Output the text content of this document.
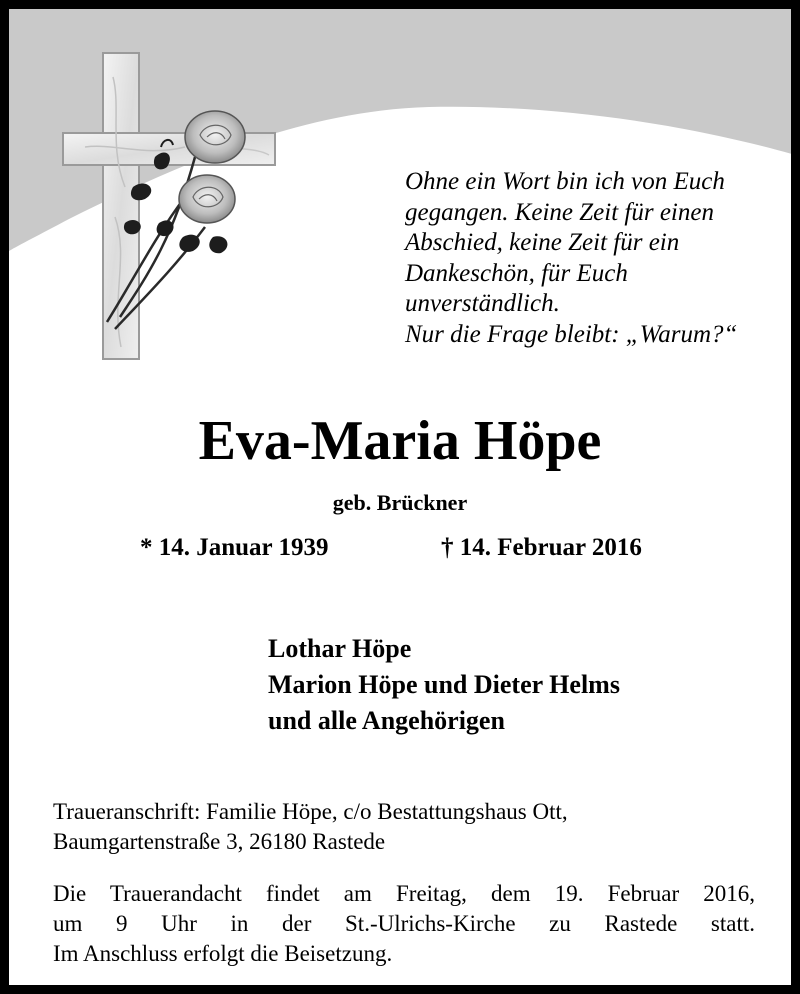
Ohne ein Wort bin ich von Euch
gegangen. Keine Zeit für einen
Abschied, keine Zeit für ein
Dankeschön, für Euch
unverständlich.
Nur die Frage bleibt: „Warum?“
Eva-Maria Höpe
geb. Brückner
* 14. Januar 1939	† 14. Februar 2016
Lothar Höpe
Marion Höpe und Dieter Helms
und alle Angehörigen
Traueranschrift: Familie Höpe, c/o Bestattungshaus Ott,
Baumgartenstraße 3, 26180 Rastede
Die Trauerandacht findet am Freitag, dem 19. Februar 2016,
um 9 Uhr in der St.-Ulrichs-Kirche zu Rastede statt.
Im Anschluss erfolgt die Beisetzung.
